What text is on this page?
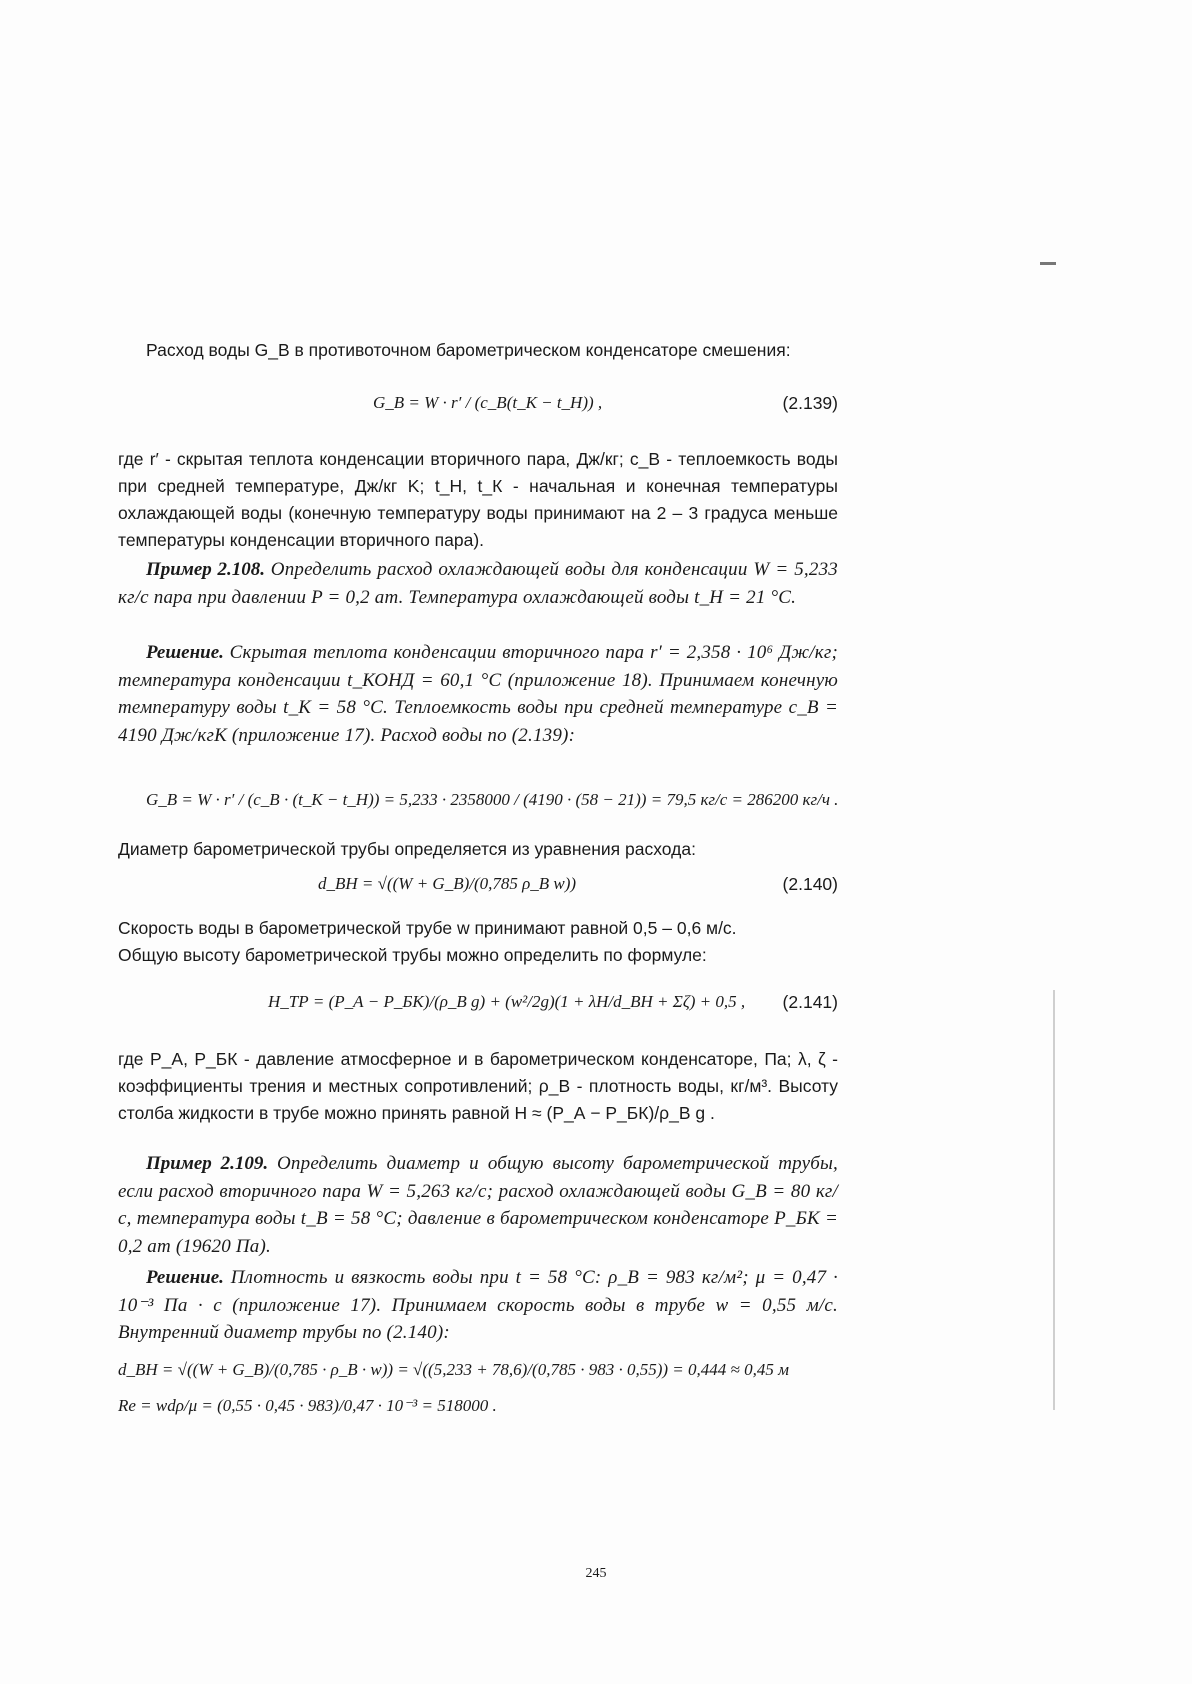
Расход воды G_В в противоточном барометрическом конденсаторе смешения:

G_В = W · r′ / (c_В(t_К − t_Н)) ,	(2.139)

где r′ - скрытая теплота конденсации вторичного пара, Дж/кг; c_В - теплоемкость воды при средней температуре, Дж/кг K; t_Н, t_К - начальная и конечная температуры охлаждающей воды (конечную температуру воды принимают на 2 – 3 градуса меньше температуры конденсации вторичного пара).

Пример 2.108. Определить расход охлаждающей воды для конденсации W = 5,233 кг/с пара при давлении P = 0,2 ат. Температура охлаждающей воды t_Н = 21 °C.

Решение. Скрытая теплота конденсации вторичного пара r′ = 2,358 · 10⁶ Дж/кг; температура конденсации t_КОНД = 60,1 °C (приложение 18). Принимаем конечную температуру воды t_К = 58 °C. Теплоемкость воды при средней температуре c_В = 4190 Дж/кгК (приложение 17). Расход воды по (2.139):

G_В = W · r′ / (c_В · (t_К − t_Н)) = 5,233 · 2358000 / (4190 · (58 − 21)) = 79,5 кг/с = 286200 кг/ч .

Диаметр барометрической трубы определяется из уравнения расхода:

d_ВН = √((W + G_В)/(0,785 ρ_В w))	(2.140)

Скорость воды в барометрической трубе w принимают равной 0,5 – 0,6 м/с.

Общую высоту барометрической трубы можно определить по формуле:

H_ТР = (P_А − P_БК)/(ρ_В g) + (w²/2g)(1 + λH/d_ВН + Σζ) + 0,5 , (2.141)

где P_А, P_БК - давление атмосферное и в барометрическом конденсаторе, Па; λ, ζ - коэффициенты трения и местных сопротивлений; ρ_В - плотность воды, кг/м³. Высоту столба жидкости в трубе можно принять равной H ≈ (P_А − P_БК)/ρ_В g .

Пример 2.109. Определить диаметр и общую высоту барометрической трубы, если расход вторичного пара W = 5,263 кг/с; расход охлаждающей воды G_В = 80 кг/с, температура воды t_В = 58 °C; давление в барометрическом конденсаторе P_БК = 0,2 ат (19620 Па).

Решение. Плотность и вязкость воды при t = 58 °C: ρ_В = 983 кг/м²; μ = 0,47 · 10⁻³ Па · с (приложение 17). Принимаем скорость воды в трубе w = 0,55 м/с. Внутренний диаметр трубы по (2.140):

d_ВН = √((W + G_В)/(0,785 · ρ_В · w)) = √((5,233 + 78,6)/(0,785 · 983 · 0,55)) = 0,444 ≈ 0,45 м
Re = wdρ/μ = (0,55 · 0,45 · 983)/0,47 · 10⁻³ = 518000 .
245
